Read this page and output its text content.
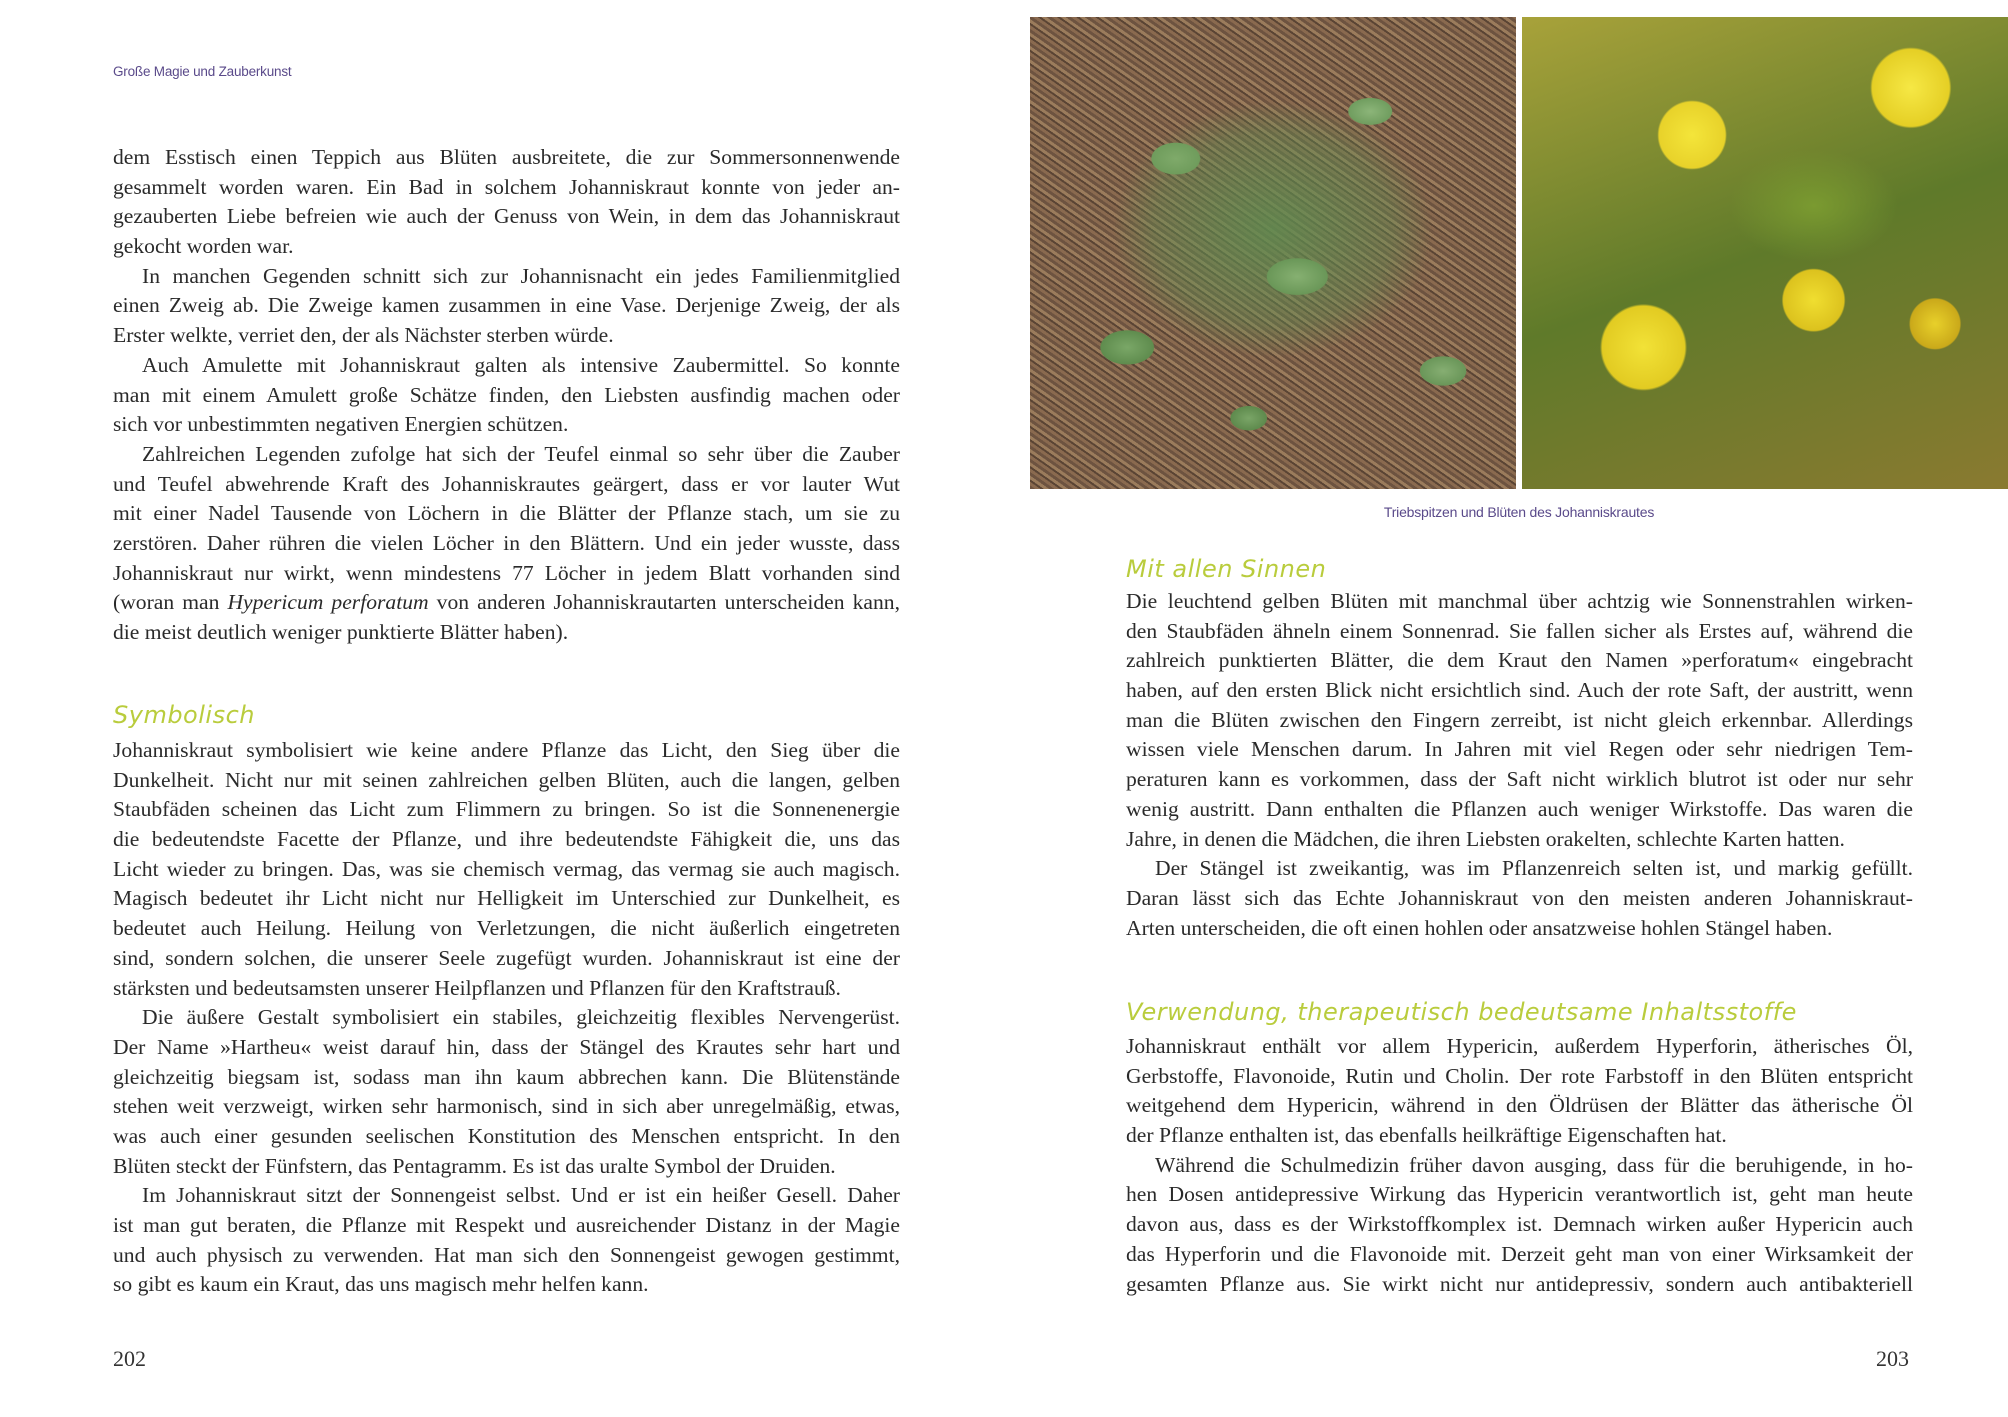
Große Magie und Zauberkunst
dem Esstisch einen Teppich aus Blüten ausbreitete, die zur Sommersonnenwende
gesammelt worden waren. Ein Bad in solchem Johanniskraut konnte von jeder an-
gezauberten Liebe befreien wie auch der Genuss von Wein, in dem das Johanniskraut
gekocht worden war.
In manchen Gegenden schnitt sich zur Johannisnacht ein jedes Familienmitglied
einen Zweig ab. Die Zweige kamen zusammen in eine Vase. Derjenige Zweig, der als
Erster welkte, verriet den, der als Nächster sterben würde.
Auch Amulette mit Johanniskraut galten als intensive Zaubermittel. So konnte
man mit einem Amulett große Schätze finden, den Liebsten ausfindig machen oder
sich vor unbestimmten negativen Energien schützen.
Zahlreichen Legenden zufolge hat sich der Teufel einmal so sehr über die Zauber
und Teufel abwehrende Kraft des Johanniskrautes geärgert, dass er vor lauter Wut
mit einer Nadel Tausende von Löchern in die Blätter der Pflanze stach, um sie zu
zerstören. Daher rühren die vielen Löcher in den Blättern. Und ein jeder wusste, dass
Johanniskraut nur wirkt, wenn mindestens 77 Löcher in jedem Blatt vorhanden sind
(woran man Hypericum perforatum von anderen Johanniskrautarten unterscheiden kann,
die meist deutlich weniger punktierte Blätter haben).
Symbolisch
Johanniskraut symbolisiert wie keine andere Pflanze das Licht, den Sieg über die
Dunkelheit. Nicht nur mit seinen zahlreichen gelben Blüten, auch die langen, gelben
Staubfäden scheinen das Licht zum Flimmern zu bringen. So ist die Sonnenenergie
die bedeutendste Facette der Pflanze, und ihre bedeutendste Fähigkeit die, uns das
Licht wieder zu bringen. Das, was sie chemisch vermag, das vermag sie auch magisch.
Magisch bedeutet ihr Licht nicht nur Helligkeit im Unterschied zur Dunkelheit, es
bedeutet auch Heilung. Heilung von Verletzungen, die nicht äußerlich eingetreten
sind, sondern solchen, die unserer Seele zugefügt wurden. Johanniskraut ist eine der
stärksten und bedeutsamsten unserer Heilpflanzen und Pflanzen für den Kraftstrauß.
Die äußere Gestalt symbolisiert ein stabiles, gleichzeitig flexibles Nervengerüst.
Der Name »Hartheu« weist darauf hin, dass der Stängel des Krautes sehr hart und
gleichzeitig biegsam ist, sodass man ihn kaum abbrechen kann. Die Blütenstände
stehen weit verzweigt, wirken sehr harmonisch, sind in sich aber unregelmäßig, etwas,
was auch einer gesunden seelischen Konstitution des Menschen entspricht. In den
Blüten steckt der Fünfstern, das Pentagramm. Es ist das uralte Symbol der Druiden.
Im Johanniskraut sitzt der Sonnengeist selbst. Und er ist ein heißer Gesell. Daher
ist man gut beraten, die Pflanze mit Respekt und ausreichender Distanz in der Magie
und auch physisch zu verwenden. Hat man sich den Sonnengeist gewogen gestimmt,
so gibt es kaum ein Kraut, das uns magisch mehr helfen kann.
202
Triebspitzen und Blüten des Johanniskrautes
Mit allen Sinnen
Die leuchtend gelben Blüten mit manchmal über achtzig wie Sonnenstrahlen wirken-
den Staubfäden ähneln einem Sonnenrad. Sie fallen sicher als Erstes auf, während die
zahlreich punktierten Blätter, die dem Kraut den Namen »perforatum« eingebracht
haben, auf den ersten Blick nicht ersichtlich sind. Auch der rote Saft, der austritt, wenn
man die Blüten zwischen den Fingern zerreibt, ist nicht gleich erkennbar. Allerdings
wissen viele Menschen darum. In Jahren mit viel Regen oder sehr niedrigen Tem-
peraturen kann es vorkommen, dass der Saft nicht wirklich blutrot ist oder nur sehr
wenig austritt. Dann enthalten die Pflanzen auch weniger Wirkstoffe. Das waren die
Jahre, in denen die Mädchen, die ihren Liebsten orakelten, schlechte Karten hatten.
Der Stängel ist zweikantig, was im Pflanzenreich selten ist, und markig gefüllt.
Daran lässt sich das Echte Johanniskraut von den meisten anderen Johanniskraut-
Arten unterscheiden, die oft einen hohlen oder ansatzweise hohlen Stängel haben.
Verwendung, therapeutisch bedeutsame Inhaltsstoffe
Johanniskraut enthält vor allem Hypericin, außerdem Hyperforin, ätherisches Öl,
Gerbstoffe, Flavonoide, Rutin und Cholin. Der rote Farbstoff in den Blüten entspricht
weitgehend dem Hypericin, während in den Öldrüsen der Blätter das ätherische Öl
der Pflanze enthalten ist, das ebenfalls heilkräftige Eigenschaften hat.
Während die Schulmedizin früher davon ausging, dass für die beruhigende, in ho-
hen Dosen antidepressive Wirkung das Hypericin verantwortlich ist, geht man heute
davon aus, dass es der Wirkstoffkomplex ist. Demnach wirken außer Hypericin auch
das Hyperforin und die Flavonoide mit. Derzeit geht man von einer Wirksamkeit der
gesamten Pflanze aus. Sie wirkt nicht nur antidepressiv, sondern auch antibakteriell
203
